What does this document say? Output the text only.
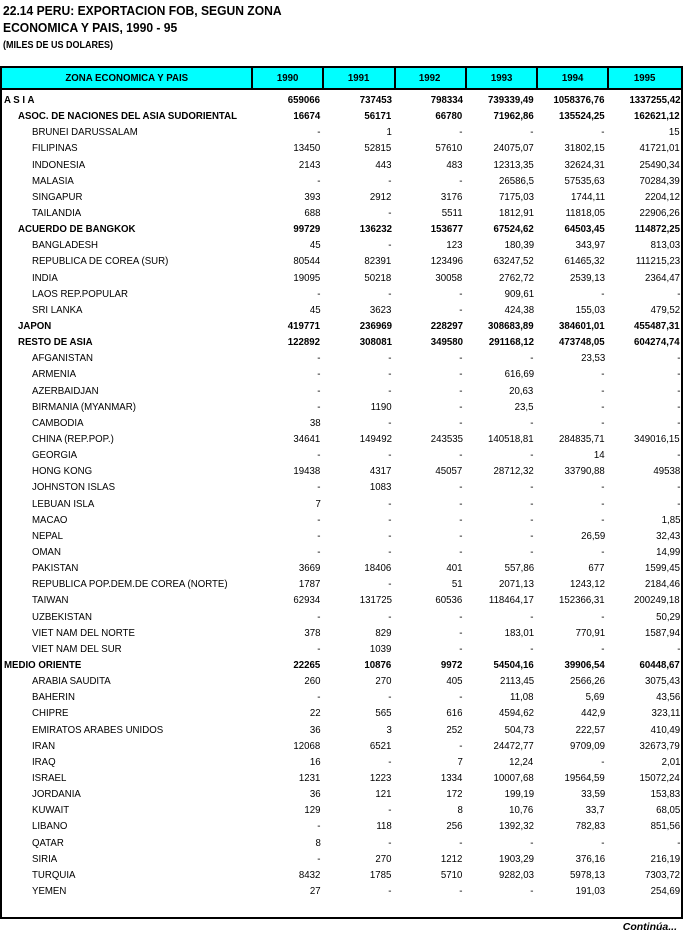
22.14 PERU: EXPORTACION FOB, SEGUN ZONA
ECONOMICA Y PAIS, 1990 - 95
(MILES DE US DOLARES)
ZONA ECONOMICA Y PAIS	1990	1991	1992	1993	1994	1995
A S I A	659066	737453	798334	739339,49	1058376,76	1337255,42
ASOC. DE NACIONES DEL ASIA SUDORIENTAL	16674	56171	66780	71962,86	135524,25	162621,12
BRUNEI DARUSSALAM	-	1	-	-	-	15
FILIPINAS	13450	52815	57610	24075,07	31802,15	41721,01
INDONESIA	2143	443	483	12313,35	32624,31	25490,34
MALASIA	-	-	-	26586,5	57535,63	70284,39
SINGAPUR	393	2912	3176	7175,03	1744,11	2204,12
TAILANDIA	688	-	5511	1812,91	11818,05	22906,26
ACUERDO DE BANGKOK	99729	136232	153677	67524,62	64503,45	114872,25
BANGLADESH	45	-	123	180,39	343,97	813,03
REPUBLICA DE COREA (SUR)	80544	82391	123496	63247,52	61465,32	111215,23
INDIA	19095	50218	30058	2762,72	2539,13	2364,47
LAOS REP.POPULAR	-	-	-	909,61	-	-
SRI LANKA	45	3623	-	424,38	155,03	479,52
JAPON	419771	236969	228297	308683,89	384601,01	455487,31
RESTO DE ASIA	122892	308081	349580	291168,12	473748,05	604274,74
AFGANISTAN	-	-	-	-	23,53	-
ARMENIA	-	-	-	616,69	-	-
AZERBAIDJAN	-	-	-	20,63	-	-
BIRMANIA (MYANMAR)	-	1190	-	23,5	-	-
CAMBODIA	38	-	-	-	-	-
CHINA (REP.POP.)	34641	149492	243535	140518,81	284835,71	349016,15
GEORGIA	-	-	-	-	14	-
HONG KONG	19438	4317	45057	28712,32	33790,88	49538
JOHNSTON ISLAS	-	1083	-	-	-	-
LEBUAN ISLA	7	-	-	-	-	-
MACAO	-	-	-	-	-	1,85
NEPAL	-	-	-	-	26,59	32,43
OMAN	-	-	-	-	-	14,99
PAKISTAN	3669	18406	401	557,86	677	1599,45
REPUBLICA POP.DEM.DE COREA (NORTE)	1787	-	51	2071,13	1243,12	2184,46
TAIWAN	62934	131725	60536	118464,17	152366,31	200249,18
UZBEKISTAN	-	-	-	-	-	50,29
VIET NAM DEL NORTE	378	829	-	183,01	770,91	1587,94
VIET NAM DEL SUR	-	1039	-	-	-	-
MEDIO ORIENTE	22265	10876	9972	54504,16	39906,54	60448,67
ARABIA SAUDITA	260	270	405	2113,45	2566,26	3075,43
BAHERIN	-	-	-	11,08	5,69	43,56
CHIPRE	22	565	616	4594,62	442,9	323,11
EMIRATOS ARABES UNIDOS	36	3	252	504,73	222,57	410,49
IRAN	12068	6521	-	24472,77	9709,09	32673,79
IRAQ	16	-	7	12,24	-	2,01
ISRAEL	1231	1223	1334	10007,68	19564,59	15072,24
JORDANIA	36	121	172	199,19	33,59	153,83
KUWAIT	129	-	8	10,76	33,7	68,05
LIBANO	-	118	256	1392,32	782,83	851,56
QATAR	8	-	-	-	-	-
SIRIA	-	270	1212	1903,29	376,16	216,19
TURQUIA	8432	1785	5710	9282,03	5978,13	7303,72
YEMEN	27	-	-	-	191,03	254,69
Continúa...
